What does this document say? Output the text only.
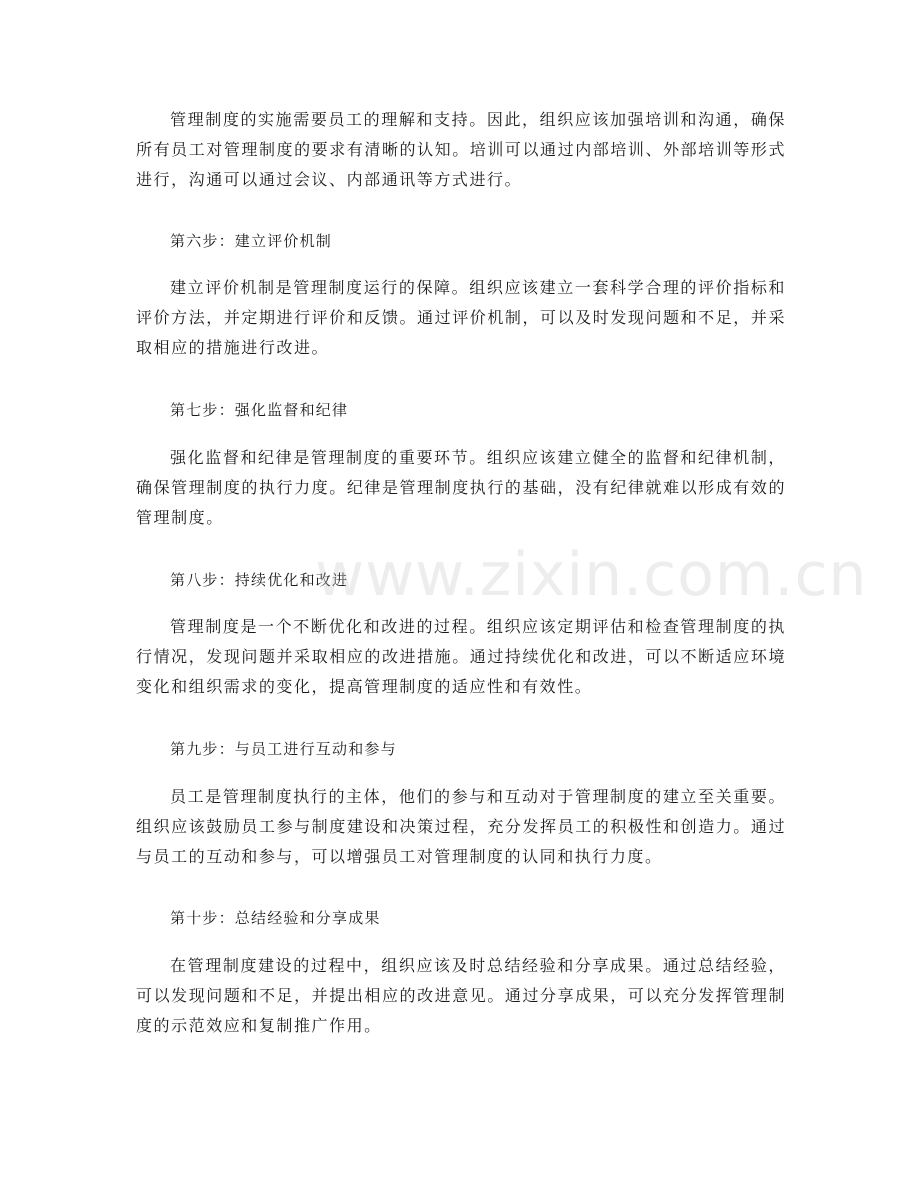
管理制度的实施需要员工的理解和支持。因此，组织应该加强培训和沟通，确保所有员工对管理制度的要求有清晰的认知。培训可以通过内部培训、外部培训等形式进行，沟通可以通过会议、内部通讯等方式进行。

第六步：建立评价机制

建立评价机制是管理制度运行的保障。组织应该建立一套科学合理的评价指标和评价方法，并定期进行评价和反馈。通过评价机制，可以及时发现问题和不足，并采取相应的措施进行改进。

第七步：强化监督和纪律

强化监督和纪律是管理制度的重要环节。组织应该建立健全的监督和纪律机制，确保管理制度的执行力度。纪律是管理制度执行的基础，没有纪律就难以形成有效的管理制度。

第八步：持续优化和改进

管理制度是一个不断优化和改进的过程。组织应该定期评估和检查管理制度的执行情况，发现问题并采取相应的改进措施。通过持续优化和改进，可以不断适应环境变化和组织需求的变化，提高管理制度的适应性和有效性。

第九步：与员工进行互动和参与

员工是管理制度执行的主体，他们的参与和互动对于管理制度的建立至关重要。组织应该鼓励员工参与制度建设和决策过程，充分发挥员工的积极性和创造力。通过与员工的互动和参与，可以增强员工对管理制度的认同和执行力度。

第十步：总结经验和分享成果

在管理制度建设的过程中，组织应该及时总结经验和分享成果。通过总结经验，可以发现问题和不足，并提出相应的改进意见。通过分享成果，可以充分发挥管理制度的示范效应和复制推广作用。

www.zixin.com.cn
